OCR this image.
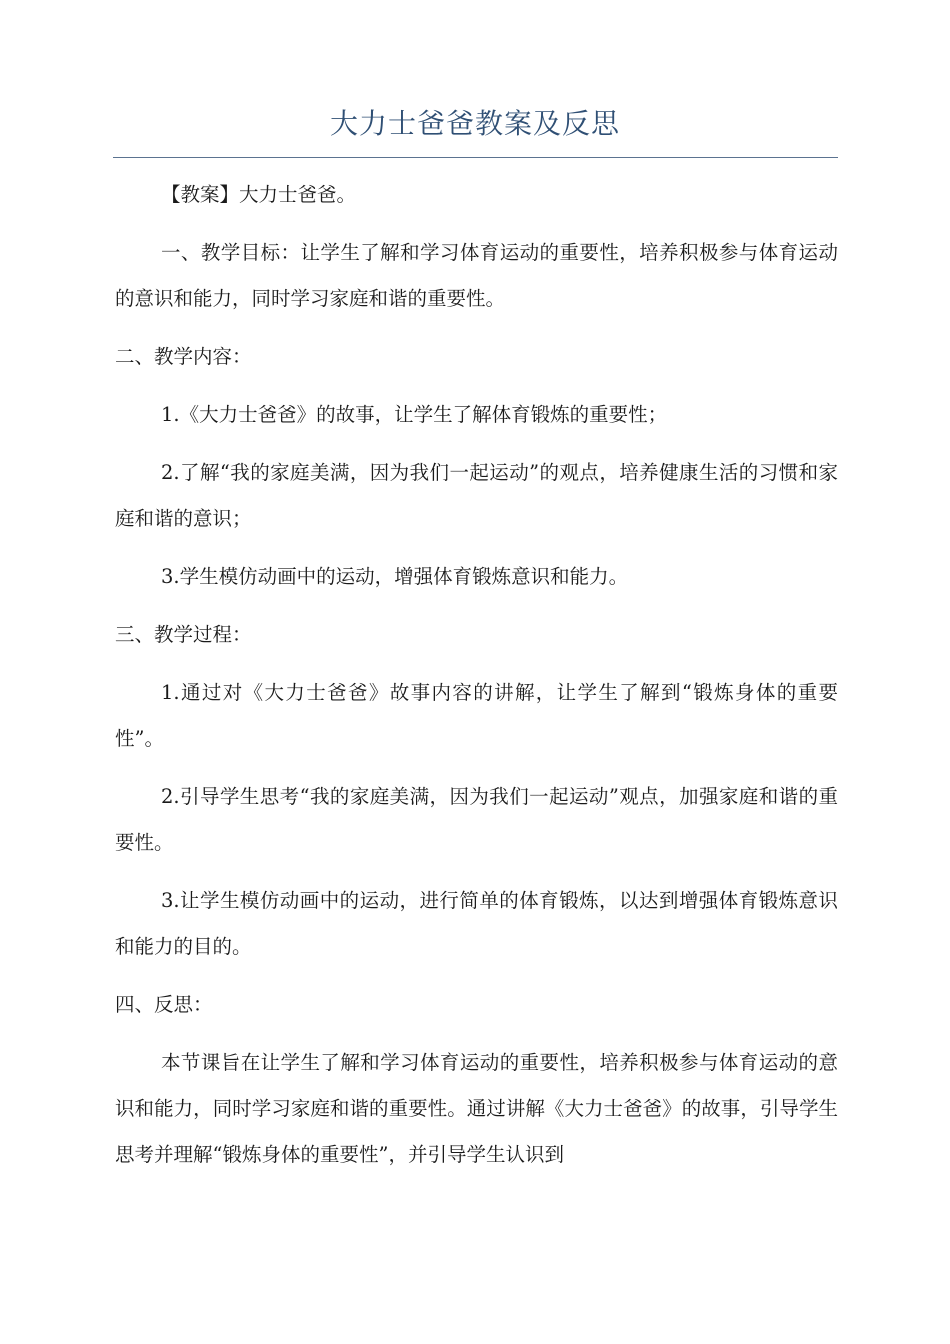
大力士爸爸教案及反思

【教案】大力士爸爸。

一、教学目标：让学生了解和学习体育运动的重要性，培养积极参与体育运动的意识和能力，同时学习家庭和谐的重要性。

二、教学内容：

1.《大力士爸爸》的故事，让学生了解体育锻炼的重要性；

2.了解“我的家庭美满，因为我们一起运动”的观点，培养健康生活的习惯和家庭和谐的意识；

3.学生模仿动画中的运动，增强体育锻炼意识和能力。

三、教学过程：

1.通过对《大力士爸爸》故事内容的讲解，让学生了解到“锻炼身体的重要性”。

2.引导学生思考“我的家庭美满，因为我们一起运动”观点，加强家庭和谐的重要性。

3.让学生模仿动画中的运动，进行简单的体育锻炼，以达到增强体育锻炼意识和能力的目的。

四、反思：

本节课旨在让学生了解和学习体育运动的重要性，培养积极参与体育运动的意识和能力，同时学习家庭和谐的重要性。通过讲解《大力士爸爸》的故事，引导学生思考并理解“锻炼身体的重要性”，并引导学生认识到
